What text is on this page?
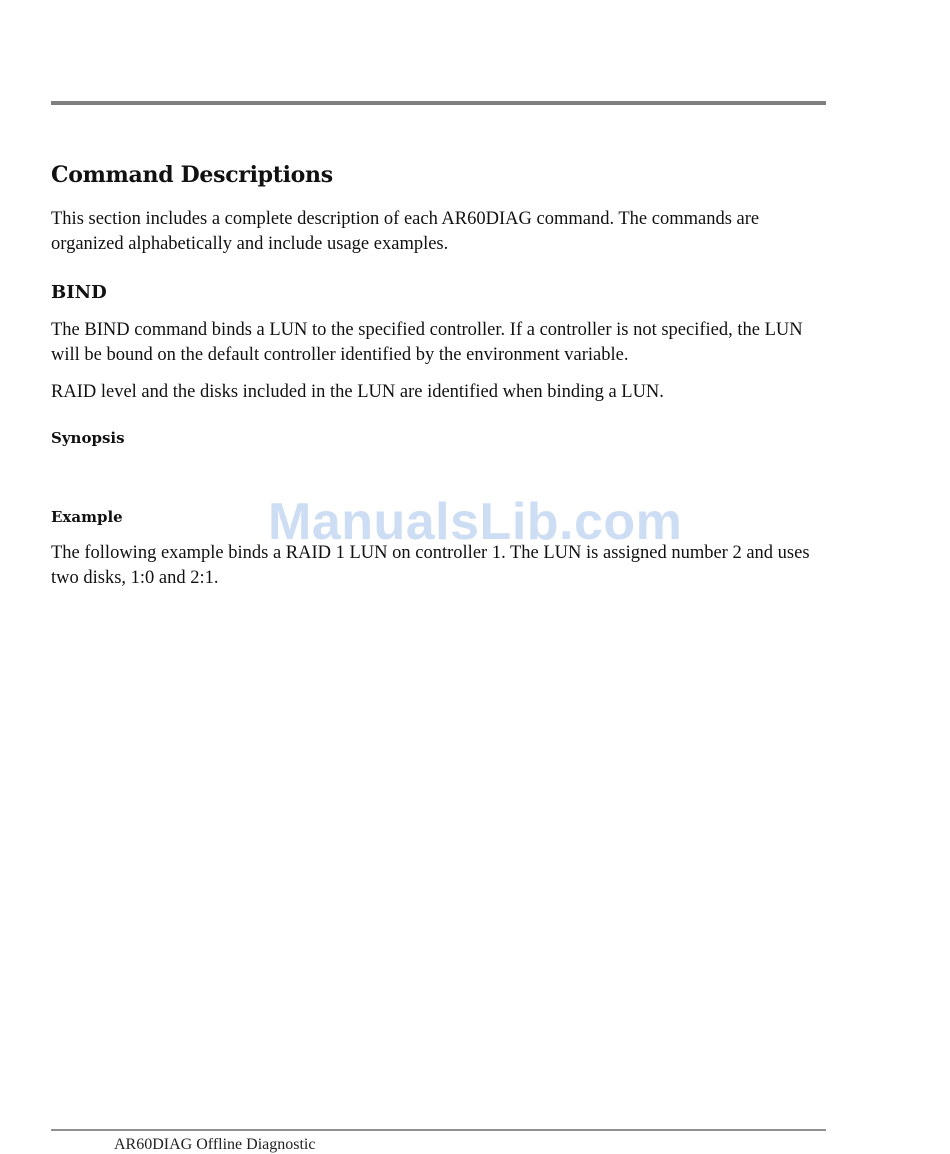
Command Descriptions

This section includes a complete description of each AR60DIAG command. The commands are organized alphabetically and include usage examples.

BIND

The BIND command binds a LUN to the specified controller. If a controller is not specified, the LUN will be bound on the default controller identified by the environment variable.

RAID level and the disks included in the LUN are identified when binding a LUN.

Synopsis
Example

The following example binds a RAID 1 LUN on controller 1. The LUN is assigned number 2 and uses two disks, 1:0 and 2:1.

ManualsLib.com
AR60DIAG Offline Diagnostic
